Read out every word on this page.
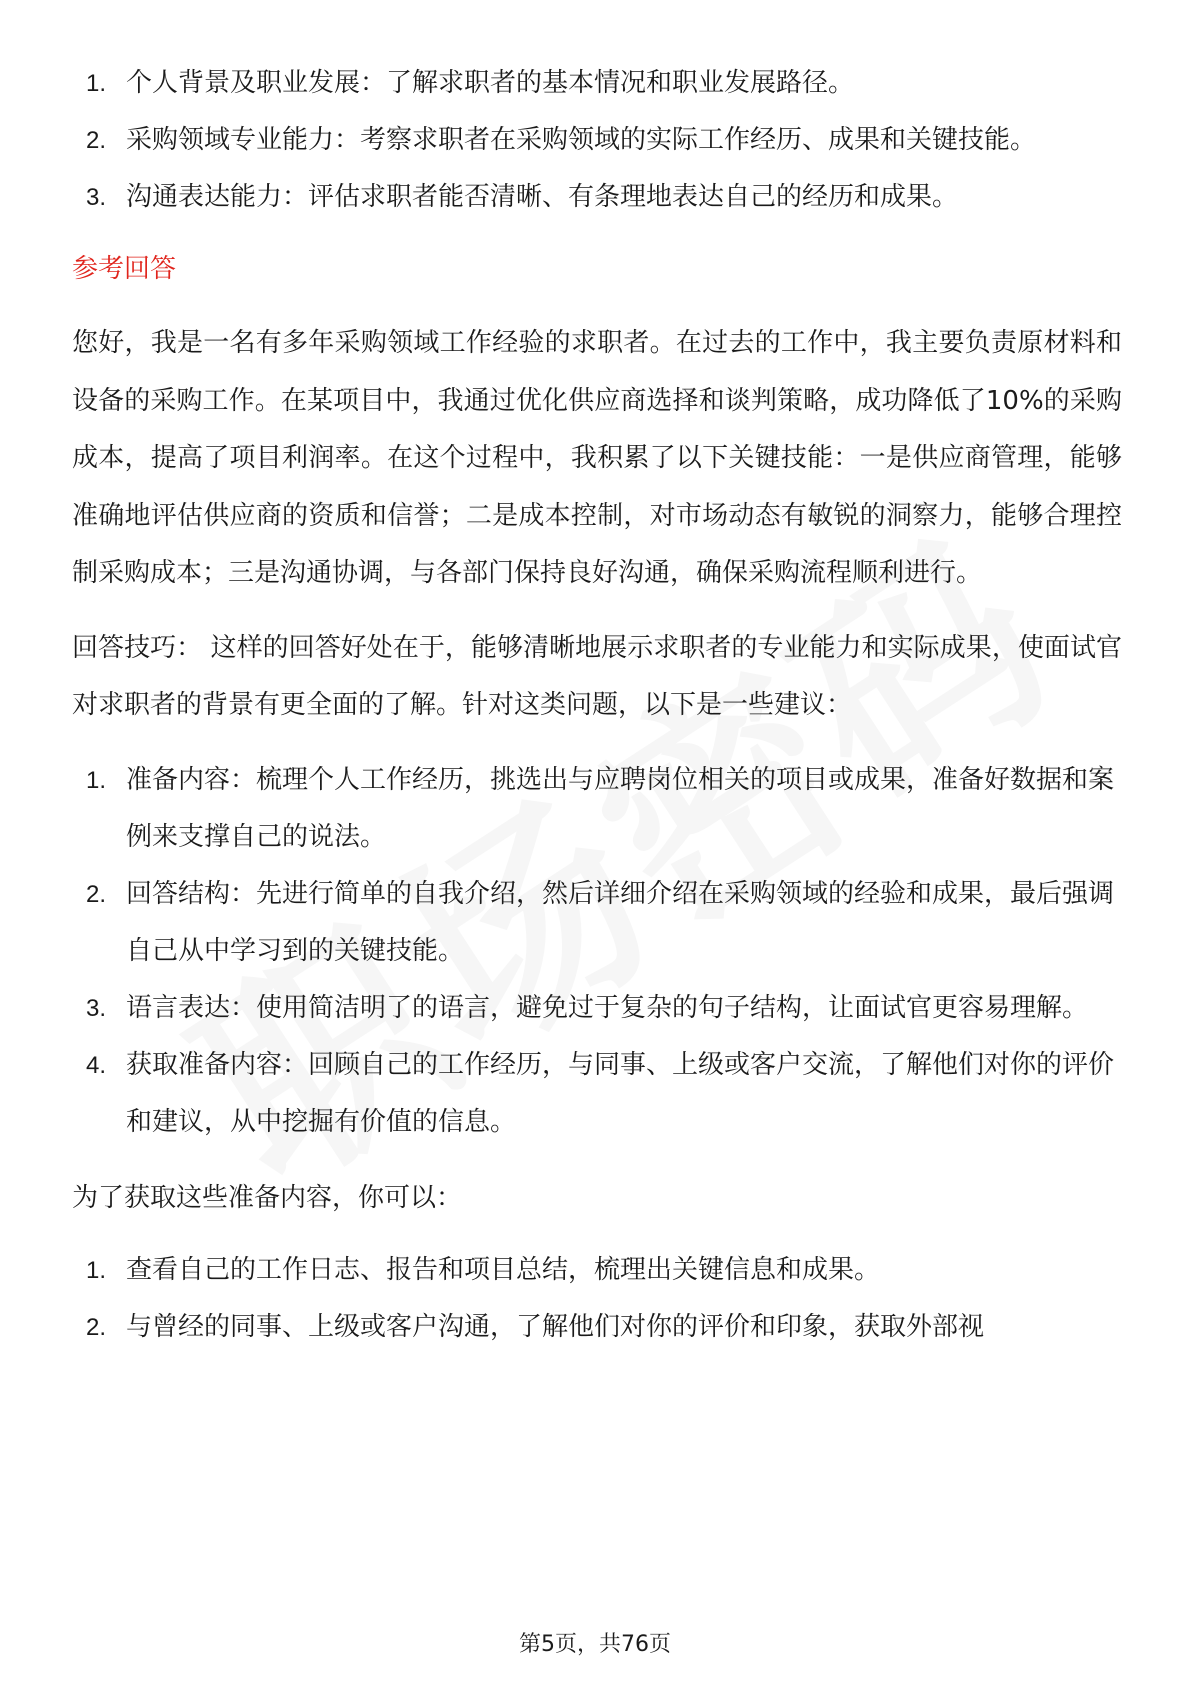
1. 个人背景及职业发展：了解求职者的基本情况和职业发展路径。
2. 采购领域专业能力：考察求职者在采购领域的实际工作经历、成果和关键技能。
3. 沟通表达能力：评估求职者能否清晰、有条理地表达自己的经历和成果。
参考回答

您好，我是一名有多年采购领域工作经验的求职者。在过去的工作中，我主要负责原材料和设备的采购工作。在某项目中，我通过优化供应商选择和谈判策略，成功降低了10%的采购成本，提高了项目利润率。在这个过程中，我积累了以下关键技能：一是供应商管理，能够准确地评估供应商的资质和信誉；二是成本控制，对市场动态有敏锐的洞察力，能够合理控制采购成本；三是沟通协调，与各部门保持良好沟通，确保采购流程顺利进行。

回答技巧： 这样的回答好处在于，能够清晰地展示求职者的专业能力和实际成果，使面试官对求职者的背景有更全面的了解。针对这类问题，以下是一些建议：

1. 准备内容：梳理个人工作经历，挑选出与应聘岗位相关的项目或成果，准备好数据和案例来支撑自己的说法。
2. 回答结构：先进行简单的自我介绍，然后详细介绍在采购领域的经验和成果，最后强调自己从中学习到的关键技能。
3. 语言表达：使用简洁明了的语言，避免过于复杂的句子结构，让面试官更容易理解。
4. 获取准备内容：回顾自己的工作经历，与同事、上级或客户交流，了解他们对你的评价和建议，从中挖掘有价值的信息。

为了获取这些准备内容，你可以：

1. 查看自己的工作日志、报告和项目总结，梳理出关键信息和成果。
2. 与曾经的同事、上级或客户沟通，了解他们对你的评价和印象，获取外部视
第5页，共76页
